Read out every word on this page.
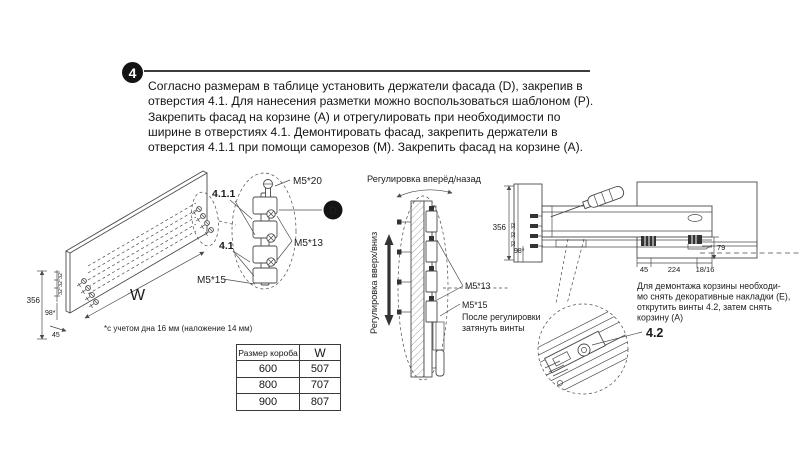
4
Согласно размерам в таблице установить держатели фасада (D), закрепив в
отверстия 4.1. Для нанесения разметки можно воспользоваться шаблоном (P).
Закрепить фасад на корзине (A) и отрегулировать при необходимости по
ширине в отверстиях 4.1. Демонтировать фасад, закрепить держатели в
отверстия 4.1.1 при помощи саморезов (M). Закрепить фасад на корзине (A).
356
32
32
32
98*
45
W
*с учетом дна 16 мм (наложение 14 мм)
M5*20
D
M5*13
4.1.1
4.1
M5*15
Регулировка вперёд/назад
Регулировка вверх/вниз	M5*13
M5*15
После регулировки
затянуть винты
356
32
32
32
98*
45	224 18/16
79
Для демонтажа корзины необходи-
мо снять декоративные накладки (E),
открутить винты 4.2, затем снять
корзину (A)
4.2
Размер короба	W
600	507
800	707
900	807
